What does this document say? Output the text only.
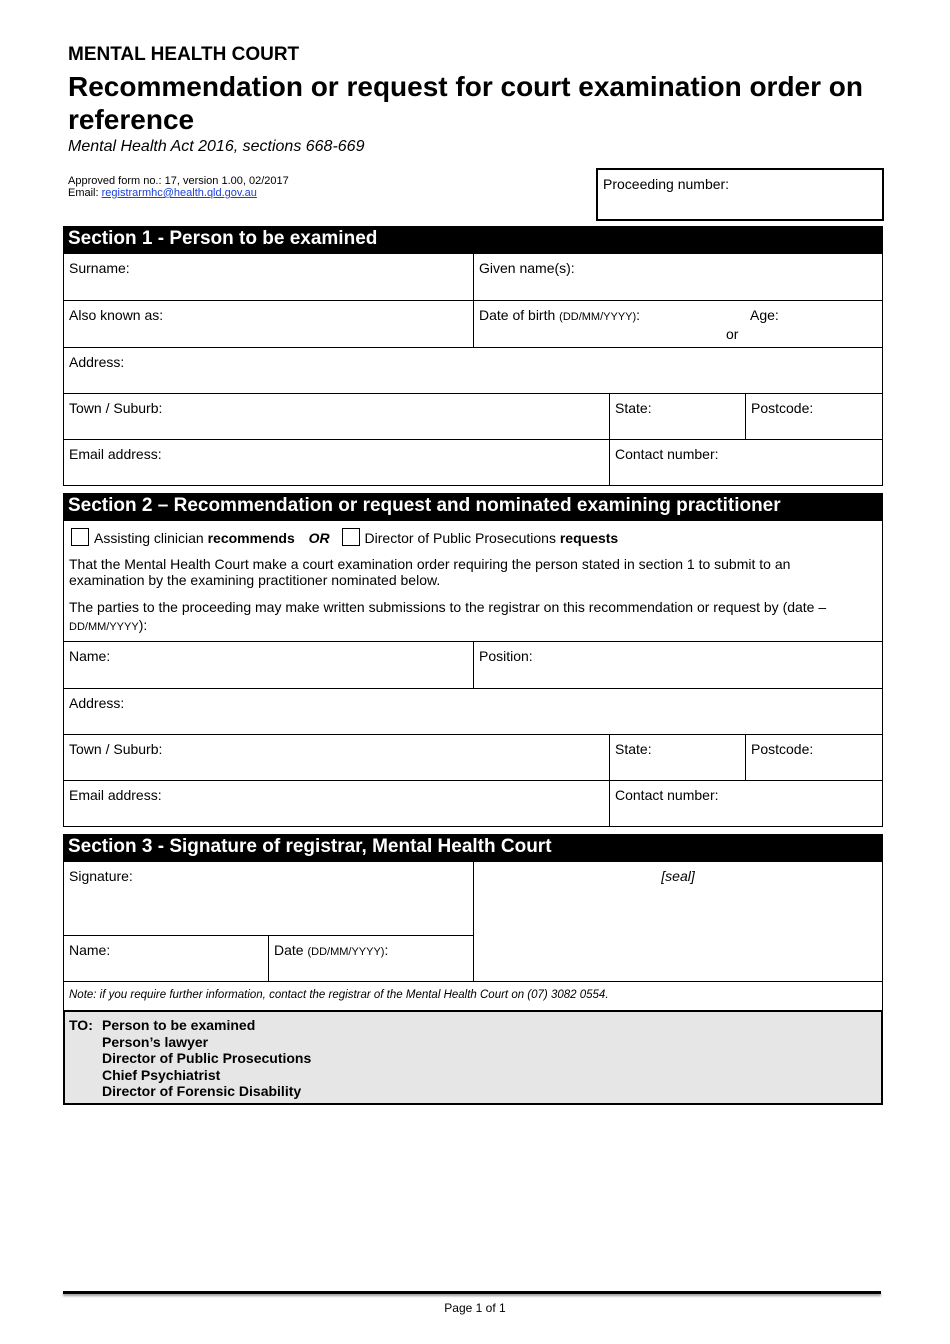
MENTAL HEALTH COURT
Recommendation or request for court examination order on reference
Mental Health Act 2016, sections 668-669
Approved form no.: 17, version 1.00, 02/2017
Email: registrarmhc@health.qld.gov.au
Proceeding number:
Section 1 - Person to be examined
Surname:	Given name(s):
Also known as:	Date of birth (DD/MM/YYYY):	Age:
or
Address:
Town / Suburb:	State:	Postcode:
Email address:	Contact number:
Section 2 – Recommendation or request and nominated examining practitioner
Assisting clinician recommends OR Director of Public Prosecutions requests
That the Mental Health Court make a court examination order requiring the person stated in section 1 to submit to an examination by the examining practitioner nominated below.
The parties to the proceeding may make written submissions to the registrar on this recommendation or request by (date – DD/MM/YYYY):
Name:	Position:
Address:
Town / Suburb:	State:	Postcode:
Email address:	Contact number:
Section 3 - Signature of registrar, Mental Health Court
Signature:	[seal]
Name:	Date (DD/MM/YYYY):
Note: if you require further information, contact the registrar of the Mental Health Court on (07) 3082 0554.
TO: Person to be examined
Person’s lawyer
Director of Public Prosecutions
Chief Psychiatrist
Director of Forensic Disability
Page 1 of 1
